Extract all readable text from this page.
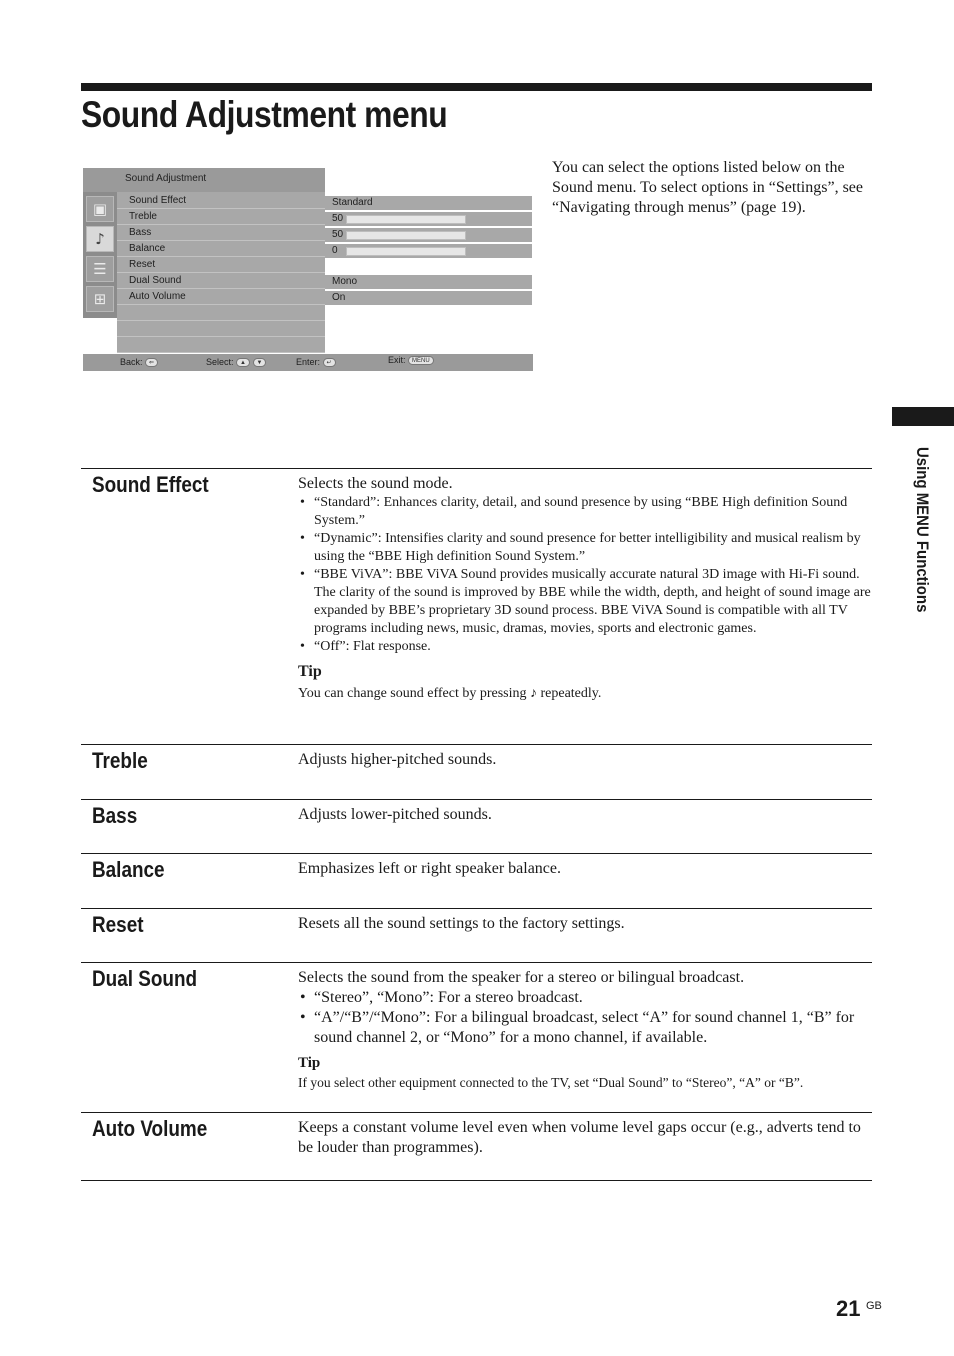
Sound Adjustment menu
Sound Adjustment
▣
♪
☰
⊞
Sound Effect
Treble
Bass
Balance
Reset
Dual Sound
Auto Volume
Standard
50
50
0
Mono
On
Back: ⇐	Select: ▲ ▼	Enter: ↵	Exit: MENU

You can select the options listed below on the Sound menu. To select options in “Settings”, see “Navigating through menus” (page 19).

Using MENU Functions
Sound Effect	Selects the sound mode.
• “Standard”: Enhances clarity, detail, and sound presence by using “BBE High definition Sound System.”
• “Dynamic”: Intensifies clarity and sound presence for better intelligibility and musical realism by using the “BBE High definition Sound System.”
• “BBE ViVA”: BBE ViVA Sound provides musically accurate natural 3D image with Hi-Fi sound. The clarity of the sound is improved by BBE while the width, depth, and height of sound image are expanded by BBE’s proprietary 3D sound process. BBE ViVA Sound is compatible with all TV programs including news, music, dramas, movies, sports and electronic games.
• “Off”: Flat response.
Tip
You can change sound effect by pressing ♪ repeatedly.
Treble	Adjusts higher-pitched sounds.
Bass	Adjusts lower-pitched sounds.
Balance	Emphasizes left or right speaker balance.
Reset	Resets all the sound settings to the factory settings.
Dual Sound	Selects the sound from the speaker for a stereo or bilingual broadcast.
• “Stereo”, “Mono”: For a stereo broadcast.
• “A”/“B”/“Mono”: For a bilingual broadcast, select “A” for sound channel 1, “B” for sound channel 2, or “Mono” for a mono channel, if available.
Tip
If you select other equipment connected to the TV, set “Dual Sound” to “Stereo”, “A” or “B”.
Auto Volume	Keeps a constant volume level even when volume level gaps occur (e.g., adverts tend to be louder than programmes).
21 GB
